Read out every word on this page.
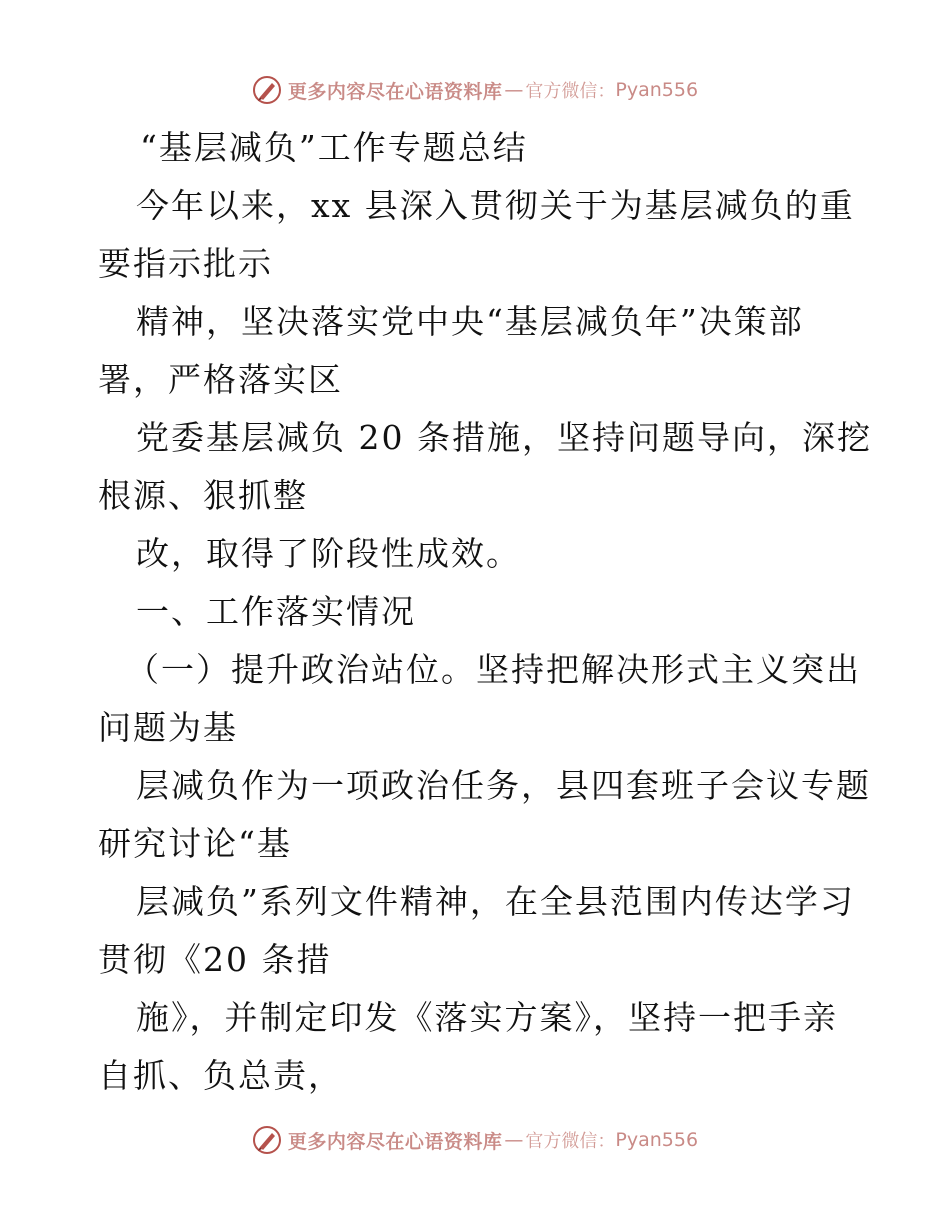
更多内容尽在心语资料库 — 官方微信： Pyan556
“基层减负”工作专题总结
今年以来，xx 县深入贯彻关于为基层减负的重
要指示批示
精神，坚决落实党中央“基层减负年”决策部
署，严格落实区
党委基层减负 20 条措施，坚持问题导向，深挖
根源、狠抓整
改，取得了阶段性成效。
一、工作落实情况
（一）提升政治站位。坚持把解决形式主义突出
问题为基
层减负作为一项政治任务，县四套班子会议专题
研究讨论“基
层减负”系列文件精神，在全县范围内传达学习
贯彻《20 条措
施》，并制定印发《落实方案》，坚持一把手亲
自抓、负总责，
更多内容尽在心语资料库 — 官方微信： Pyan556
